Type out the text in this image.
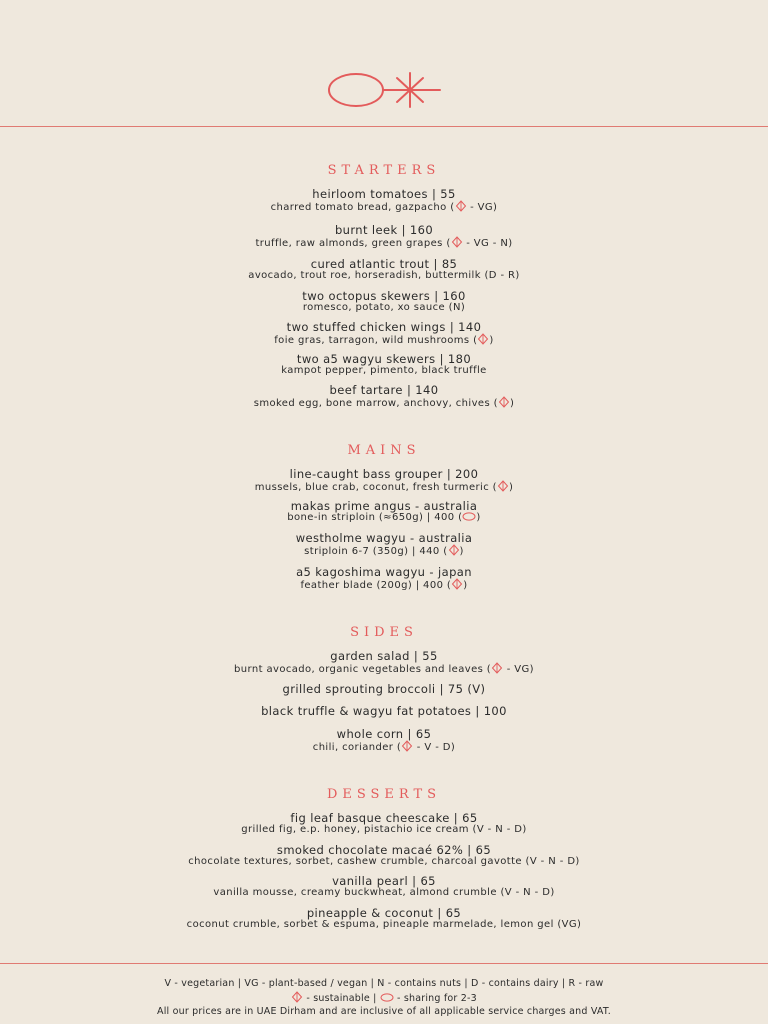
STARTERS
heirloom tomatoes | 55
charred tomato bread, gazpacho ( - VG)
burnt leek | 160
truffle, raw almonds, green grapes ( - VG - N)
cured atlantic trout | 85
avocado, trout roe, horseradish, buttermilk (D - R)
two octopus skewers | 160
romesco, potato, xo sauce (N)
two stuffed chicken wings | 140
foie gras, tarragon, wild mushrooms ( )
two a5 wagyu skewers | 180
kampot pepper, pimento, black truffle
beef tartare | 140
smoked egg, bone marrow, anchovy, chives ( )
MAINS
line-caught bass grouper | 200
mussels, blue crab, coconut, fresh turmeric ( )
makas prime angus - australia
bone-in striploin (≈650g) | 400 ( )
westholme wagyu - australia
striploin 6-7 (350g) | 440 ( )
a5 kagoshima wagyu - japan
feather blade (200g) | 400 ( )
SIDES
garden salad | 55
burnt avocado, organic vegetables and leaves ( - VG)
grilled sprouting broccoli | 75 (V)
black truffle & wagyu fat potatoes | 100
whole corn | 65
chili, coriander ( - V - D)
DESSERTS
fig leaf basque cheescake | 65
grilled fig, e.p. honey, pistachio ice cream (V - N - D)
smoked chocolate macaé 62% | 65
chocolate textures, sorbet, cashew crumble, charcoal gavotte (V - N - D)
vanilla pearl | 65
vanilla mousse, creamy buckwheat, almond crumble (V - N - D)
pineapple & coconut | 65
coconut crumble, sorbet & espuma, pineaple marmelade, lemon gel (VG)
V - vegetarian | VG - plant-based / vegan | N - contains nuts | D - contains dairy | R - raw
- sustainable |  - sharing for 2-3
All our prices are in UAE Dirham and are inclusive of all applicable service charges and VAT.
